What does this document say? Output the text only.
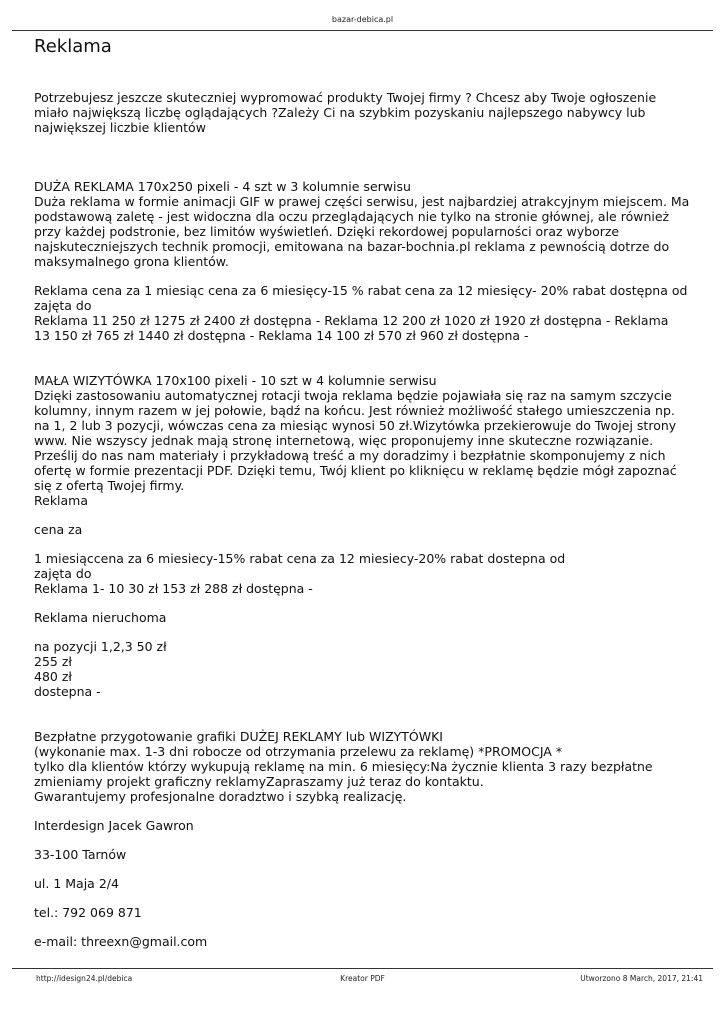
bazar-debica.pl
Reklama

Potrzebujesz jeszcze skuteczniej wypromować produkty Twojej firmy ? Chcesz aby Twoje ogłoszenie
miało największą liczbę oglądających ?Zależy Ci na szybkim pozyskaniu najlepszego nabywcy lub
największej liczbie klientów

DUŻA REKLAMA 170x250 pixeli - 4 szt w 3 kolumnie serwisu

Duża reklama w formie animacji GIF w prawej części serwisu, jest najbardziej atrakcyjnym miejscem. Ma
podstawową zaletę - jest widoczna dla oczu przeglądających nie tylko na stronie głównej, ale również
przy każdej podstronie, bez limitów wyświetleń. Dzięki rekordowej popularności oraz wyborze
najskuteczniejszych technik promocji, emitowana na bazar-bochnia.pl reklama z pewnością dotrze do
maksymalnego grona klientów.

Reklama cena za 1 miesiąc cena za 6 miesięcy-15 % rabat cena za 12 miesięcy- 20% rabat dostępna od
zajęta do
Reklama 11 250 zł 1275 zł 2400 zł dostępna - Reklama 12 200 zł 1020 zł 1920 zł dostępna - Reklama
13 150 zł 765 zł 1440 zł dostępna - Reklama 14 100 zł 570 zł 960 zł dostępna -

MAŁA WIZYTÓWKA 170x100 pixeli - 10 szt w 4 kolumnie serwisu

Dzięki zastosowaniu automatycznej rotacji twoja reklama będzie pojawiała się raz na samym szczycie
kolumny, innym razem w jej połowie, bądź na końcu. Jest również możliwość stałego umieszczenia np.
na 1, 2 lub 3 pozycji, wówczas cena za miesiąc wynosi 50 zł.Wizytówka przekierowuje do Twojej strony
www. Nie wszyscy jednak mają stronę internetową, więc proponujemy inne skuteczne rozwiązanie.
Prześlij do nas nam materiały i przykładową treść a my doradzimy i bezpłatnie skomponujemy z nich
ofertę w formie prezentacji PDF. Dzięki temu, Twój klient po kliknięcu w reklamę będzie mógł zapoznać
się z ofertą Twojej firmy.
Reklama

cena za

1 miesiąccena za 6 miesiecy-15% rabat cena za 12 miesiecy-20% rabat dostepna od
zajęta do
Reklama 1- 10 30 zł 153 zł 288 zł dostępna -

Reklama nieruchoma

na pozycji 1,2,3 50 zł
255 zł
480 zł
dostepna -

Bezpłatne przygotowanie grafiki DUŻEJ REKLAMY lub WIZYTÓWKI
(wykonanie max. 1-3 dni robocze od otrzymania przelewu za reklamę) *PROMOCJA *
tylko dla klientów którzy wykupują reklamę na min. 6 miesięcy:Na życznie klienta 3 razy bezpłatne
zmieniamy projekt graficzny reklamyZapraszamy już teraz do kontaktu.
Gwarantujemy profesjonalne doradztwo i szybką realizację.

Interdesign Jacek Gawron

33-100 Tarnów

ul. 1 Maja 2/4

tel.: 792 069 871

e-mail: threexn@gmail.com

http://idesign24.pl/debica	Kreator PDF	Utworzono 8 March, 2017, 21:41
